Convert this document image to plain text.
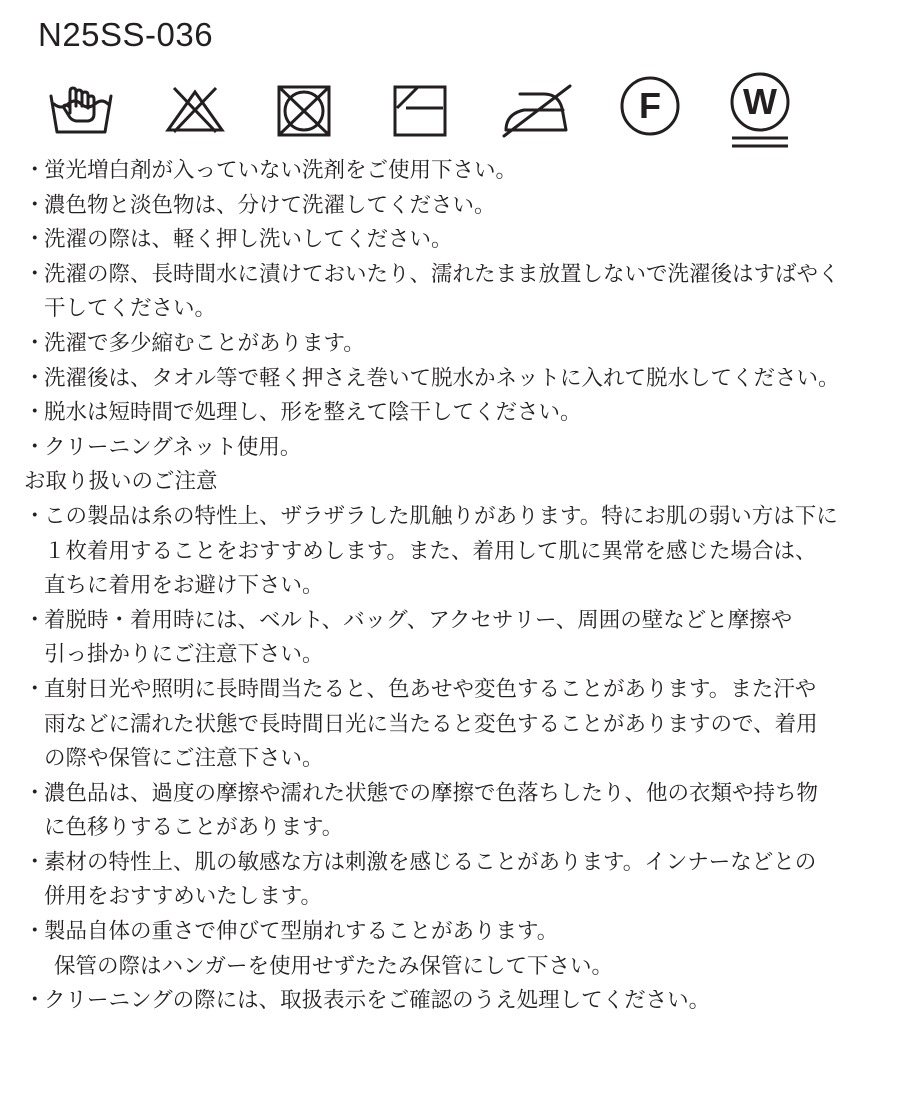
N25SS-036
F	W
・蛍光増白剤が入っていない洗剤をご使用下さい。
・濃色物と淡色物は、分けて洗濯してください。
・洗濯の際は、軽く押し洗いしてください。
・洗濯の際、長時間水に漬けておいたり、濡れたまま放置しないで洗濯後はすばやく
干してください。
・洗濯で多少縮むことがあります。
・洗濯後は、タオル等で軽く押さえ巻いて脱水かネットに入れて脱水してください。
・脱水は短時間で処理し、形を整えて陰干してください。
・クリーニングネット使用。
お取り扱いのご注意
・この製品は糸の特性上、ザラザラした肌触りがあります。特にお肌の弱い方は下に
１枚着用することをおすすめします。また、着用して肌に異常を感じた場合は、
直ちに着用をお避け下さい。
・着脱時・着用時には、ベルト、バッグ、アクセサリー、周囲の壁などと摩擦や
引っ掛かりにご注意下さい。
・直射日光や照明に長時間当たると、色あせや変色することがあります。また汗や
雨などに濡れた状態で長時間日光に当たると変色することがありますので、着用
の際や保管にご注意下さい。
・濃色品は、過度の摩擦や濡れた状態での摩擦で色落ちしたり、他の衣類や持ち物
に色移りすることがあります。
・素材の特性上、肌の敏感な方は刺激を感じることがあります。インナーなどとの
併用をおすすめいたします。
・製品自体の重さで伸びて型崩れすることがあります。
保管の際はハンガーを使用せずたたみ保管にして下さい。
・クリーニングの際には、取扱表示をご確認のうえ処理してください。
